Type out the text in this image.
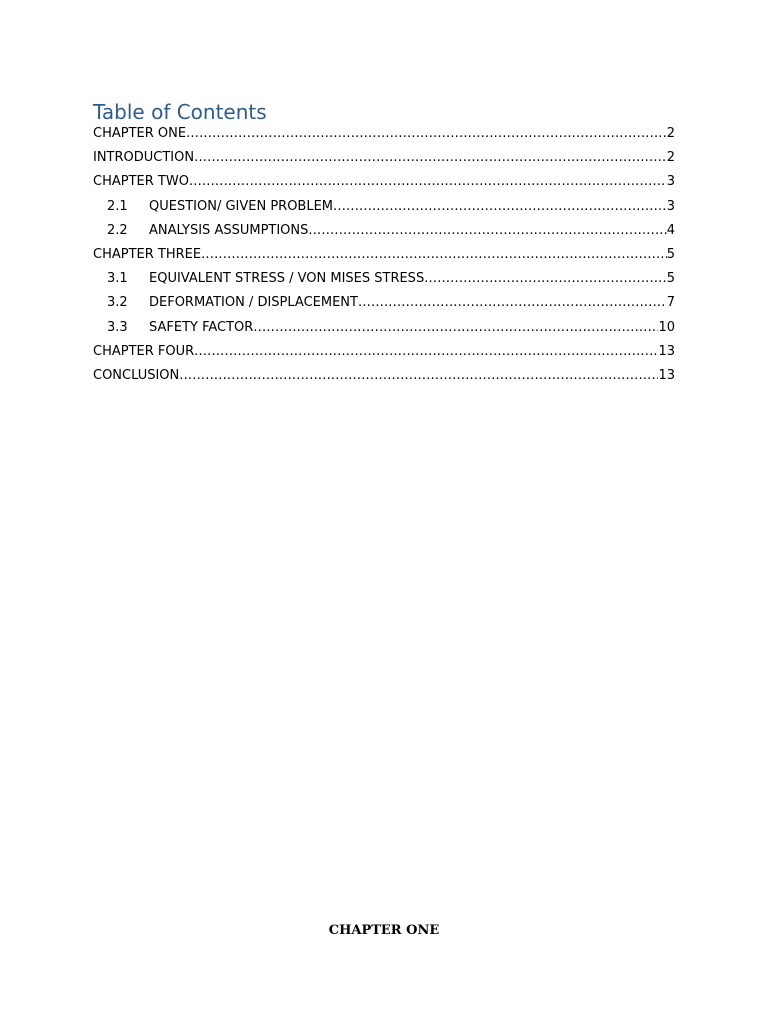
Table of Contents
CHAPTER ONE .....	2
INTRODUCTION .....	2
CHAPTER TWO .....	3
2.1	QUESTION/ GIVEN PROBLEM .....	3
2.2	ANALYSIS ASSUMPTIONS .....	4
CHAPTER THREE .....	5
3.1	EQUIVALENT STRESS / VON MISES STRESS .....	5
3.2	DEFORMATION / DISPLACEMENT .....	7
3.3	SAFETY FACTOR .....	10
CHAPTER FOUR .....	13
CONCLUSION .....	13
CHAPTER ONE
